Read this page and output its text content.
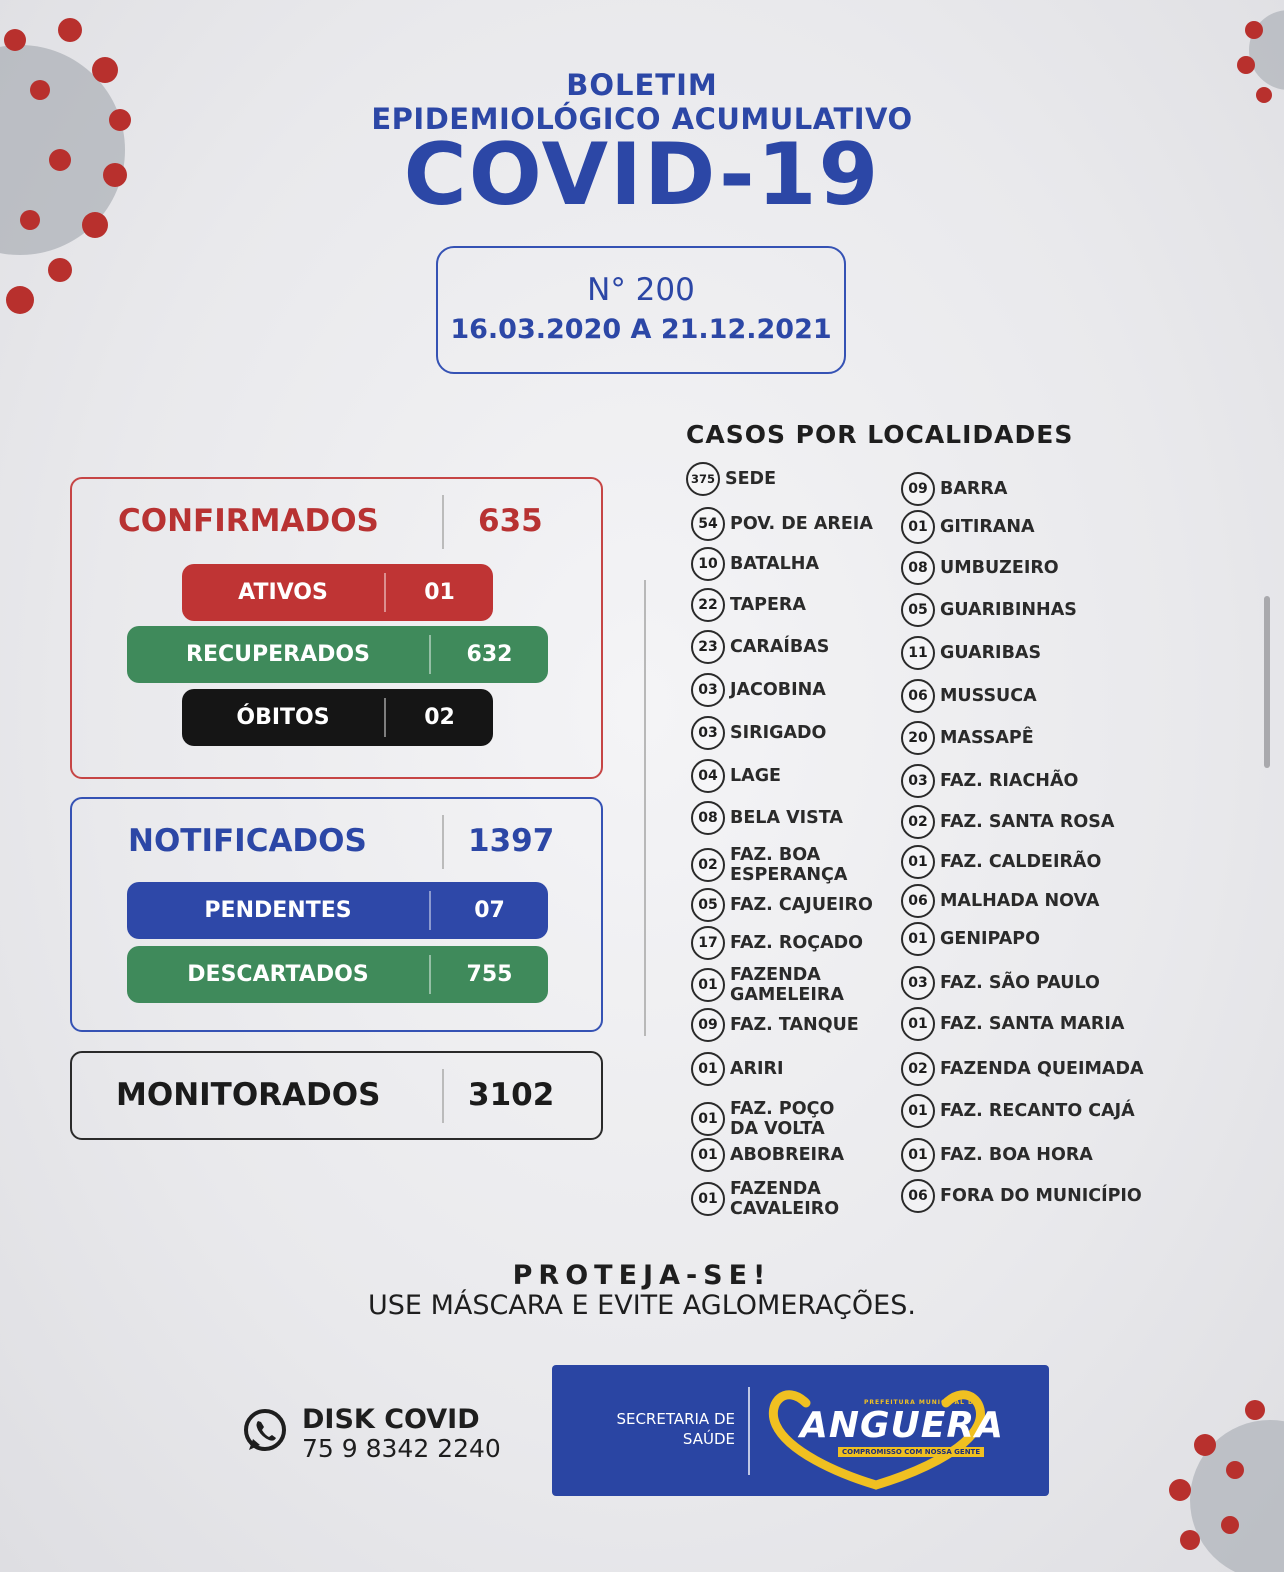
BOLETIM
EPIDEMIOLÓGICO ACUMULATIVO
COVID-19
N° 200
16.03.2020 A 21.12.2021
CONFIRMADOS	635
ATIVOS	01
RECUPERADOS	632
ÓBITOS	02
NOTIFICADOS	1397
PENDENTES	07
DESCARTADOS	755
MONITORADOS	3102
CASOS POR LOCALIDADES
375 SEDE
54 POV. DE AREIA
10 BATALHA
22 TAPERA
23 CARAÍBAS
03 JACOBINA
03 SIRIGADO
04 LAGE
08 BELA VISTA
02 FAZ. BOA
ESPERANÇA
05 FAZ. CAJUEIRO
17 FAZ. ROÇADO
01 FAZENDA
GAMELEIRA
09 FAZ. TANQUE
01 ARIRI
01 FAZ. POÇO
DA VOLTA
01 ABOBREIRA
01 FAZENDA
CAVALEIRO
09 BARRA
01 GITIRANA
08 UMBUZEIRO
05 GUARIBINHAS
11 GUARIBAS
06 MUSSUCA
20 MASSAPÊ
03 FAZ. RIACHÃO
02 FAZ. SANTA ROSA
01 FAZ. CALDEIRÃO
06 MALHADA NOVA
01 GENIPAPO
03 FAZ. SÃO PAULO
01 FAZ. SANTA MARIA
02 FAZENDA QUEIMADA
01 FAZ. RECANTO CAJÁ
01 FAZ. BOA HORA
06 FORA DO MUNICÍPIO
PROTEJA-SE!
USE MÁSCARA E EVITE AGLOMERAÇÕES.
DISK COVID
75 9 8342 2240
SECRETARIA DE
SAÚDE
PREFEITURA MUNICIPAL DE
ANGUERA
COMPROMISSO COM NOSSA GENTE
